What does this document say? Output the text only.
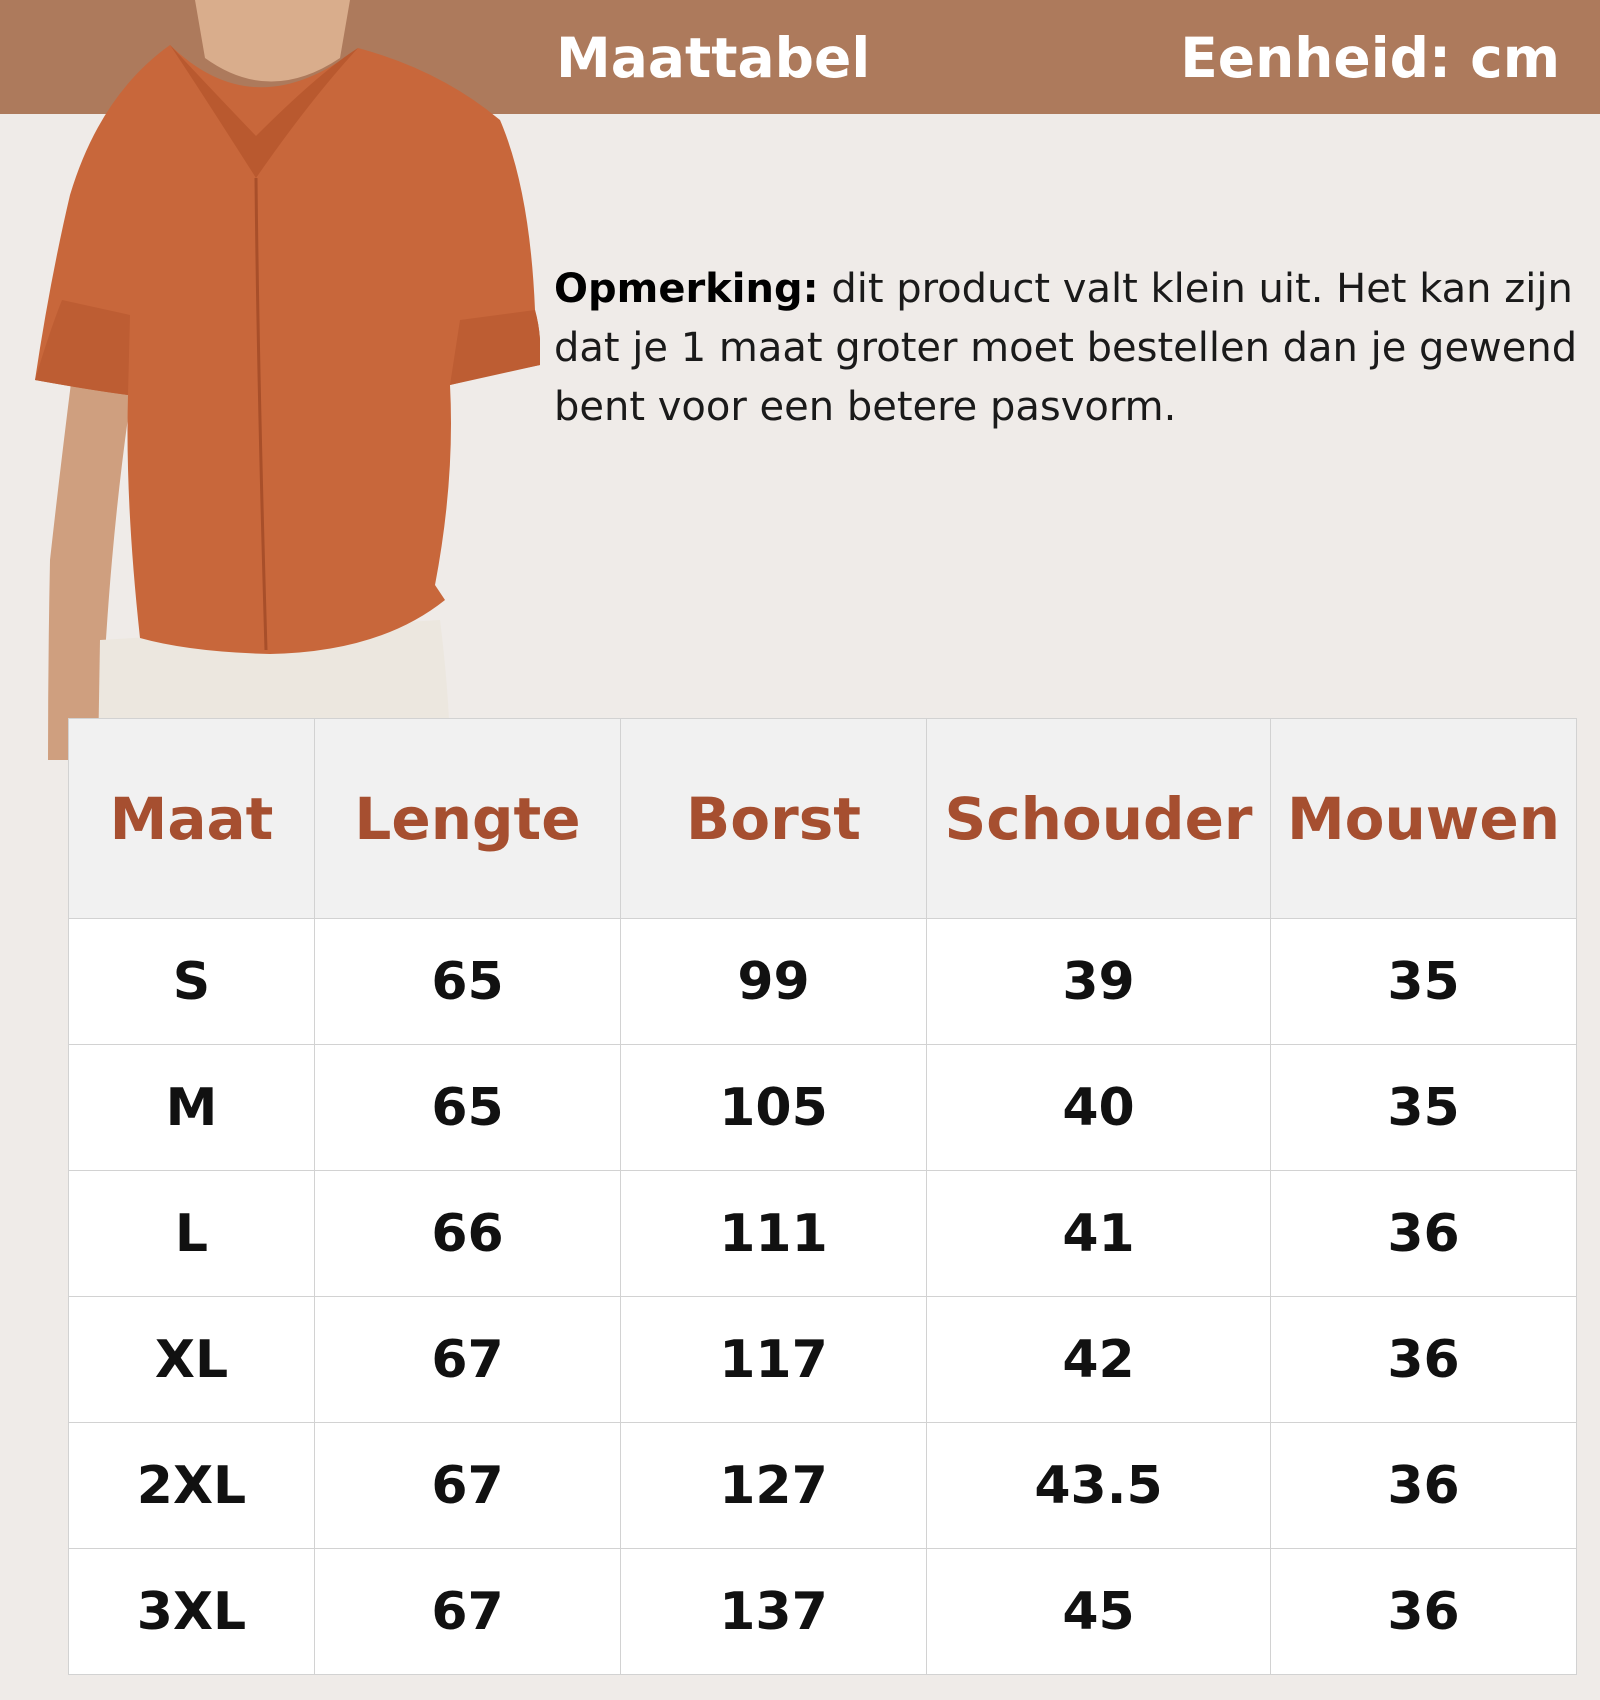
Maattabel	Eenheid: cm
Opmerking: dit product valt klein uit. Het kan zijn dat je 1 maat groter moet bestellen dan je gewend bent voor een betere pasvorm.
Maat	Lengte	Borst	Schouder	Mouwen
S	65	99	39	35
M	65	105	40	35
L	66	111	41	36
XL	67	117	42	36
2XL	67	127	43.5	36
3XL	67	137	45	36
